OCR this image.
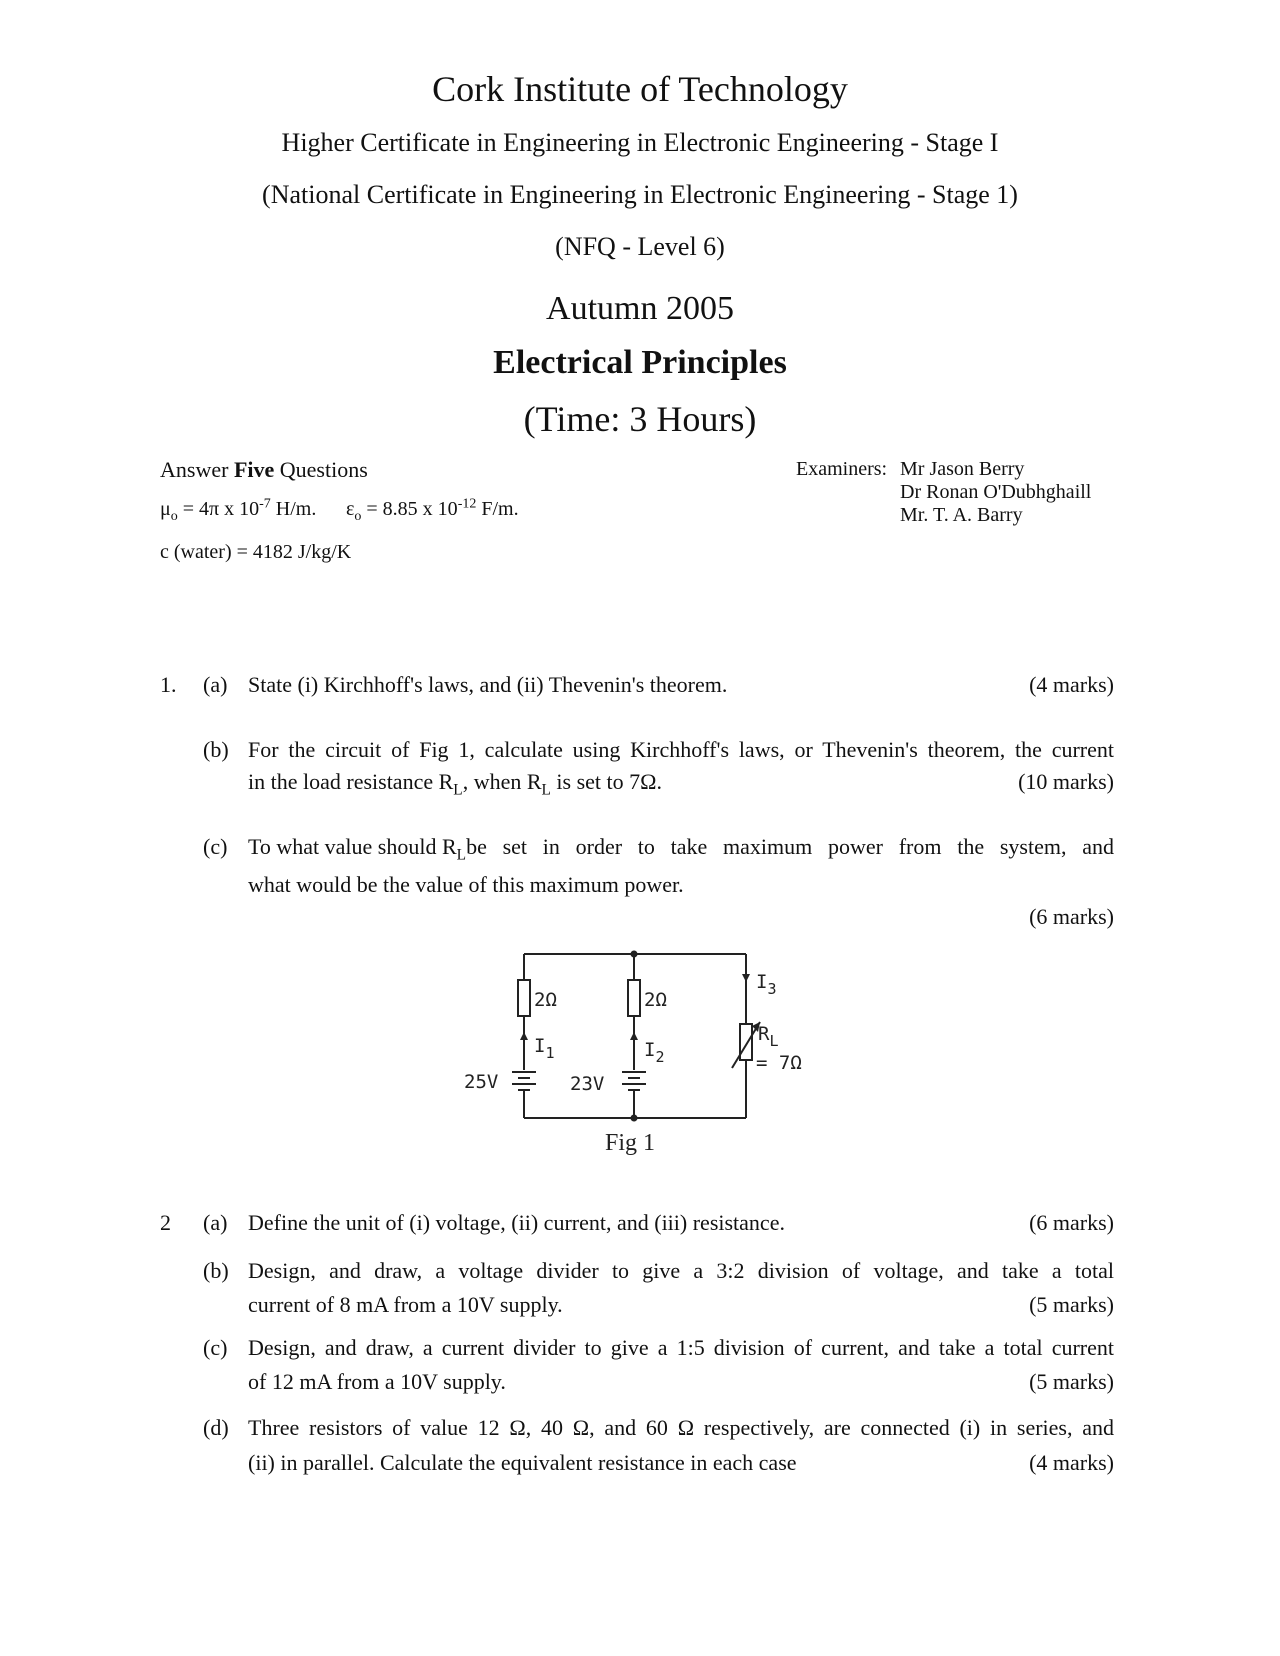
Cork Institute of Technology
Higher Certificate in Engineering in Electronic Engineering - Stage I
(National Certificate in Engineering in Electronic Engineering - Stage 1)
(NFQ - Level 6)
Autumn 2005
Electrical Principles
(Time: 3 Hours)
Answer Five Questions
$\mu_o = 4\pi$ x $10^{-7}$ H/m. $\varepsilon_o = 8.85$ x $10^{-12}$ F/m.
c (water) = 4182 J/kg/K
Examiners: Mr Jason Berry
Dr Ronan O'Dubhghaill
Mr. T. A. Barry
1. (a) State (i) Kirchhoff's laws, and (ii) Thevenin's theorem.	(4 marks)
(b) For the circuit of Fig 1, calculate using Kirchhoff's laws, or Thevenin's theorem, the current
in the load resistance $R_L$, when $R_L$ is set to 7Ω.	(10 marks)
(c) To what value should $R_L$ be set in order to take maximum power from the system, and
what would be the value of this maximum power.
(6 marks)
2Ω	2Ω
$I_1$	$I_2$
$I_3$
$R_L$
= 7Ω
25V	23V
Fig 1
2 (a) Define the unit of (i) voltage, (ii) current, and (iii) resistance.	(6 marks)
(b) Design, and draw, a voltage divider to give a 3:2 division of voltage, and take a total
current of 8 mA from a 10V supply.	(5 marks)
(c) Design, and draw, a current divider to give a 1:5 division of current, and take a total current
of 12 mA from a 10V supply.	(5 marks)
(d) Three resistors of value 12 Ω, 40 Ω, and 60 Ω respectively, are connected (i) in series, and
(ii) in parallel. Calculate the equivalent resistance in each case	(4 marks)
